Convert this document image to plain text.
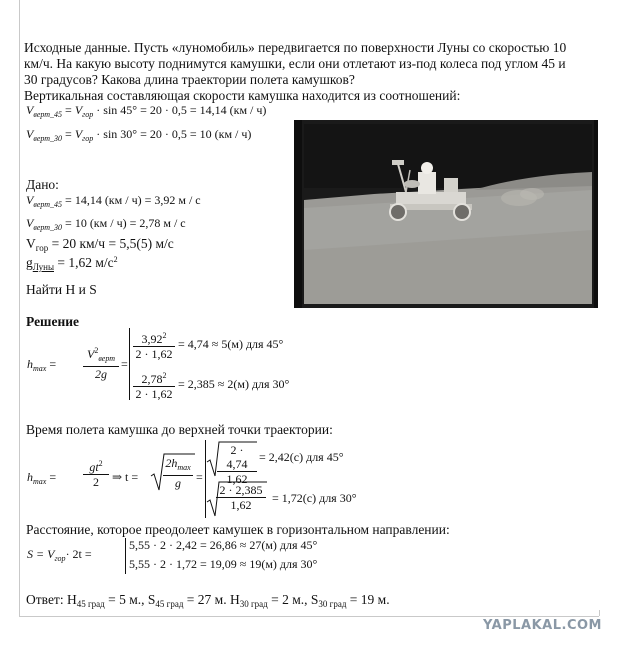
Исходные данные. Пусть «луномобиль» передвигается по поверхности Луны со скоростью 10
км/ч. На какую высоту поднимутся камушки, если они отлетают из-под колеса под углом 45 и
30 градусов? Какова длина траектории полета камушков?
Вертикальная составляющая скорости камушка находится из соотношений:
$V_{верт\_45} = V_{гор} \cdot \sin 45^\circ = 20 \cdot 0,5 = 14,14$ (км / ч)
$V_{верт\_30} = V_{гор} \cdot \sin 30^\circ = 20 \cdot 0,5 = 10$ (км / ч)
Дано:
$V_{верт\_45} = 14,14$ (км / ч) = 3,92 м / с
$V_{верт\_30} = 10$ (км / ч) = 2,78 м / с
$V_{гор} = 20$ км/ч = 5,5(5) м/с
$g_{Луны} = 1,62$ $м/с^2$
Найти H и S
Решение
$h_{max}$ =
$V^2_{верт}$
2g
=
$\frac{3,92^2}{2 \cdot 1,62} = 4,74 \approx 5(м)$ для 45°
$\frac{2,78^2}{2 \cdot 1,62} = 2,385 \approx 2(м)$ для 30°
Время полета камушка до верхней точки траектории:
$h_{max} = \frac{gt^2}{2}$ ⇒ t =
$2h_{max}$
g	= $\frac{2 \cdot 4,74}{1,62} = 2,42(с)$ для 45°
$\frac{2 \cdot 2,385}{1,62} = 1,72(с)$ для 30°
Расстояние, которое преодолеет камушек в горизонтальном направлении:
$S = V_{гор}\cdot 2t$ =
5,55 · 2 · 2,42 = 26,86 ≈ 27(м) для 45°
5,55 · 2 · 1,72 = 19,09 ≈ 19(м) для 30°
Ответ: $H_{45 град} = 5$ м., $S_{45 град} = 27$ м. $H_{30 град} = 2$ м., $S_{30 град} = 19$ м.
YAPLAKAL.COM
